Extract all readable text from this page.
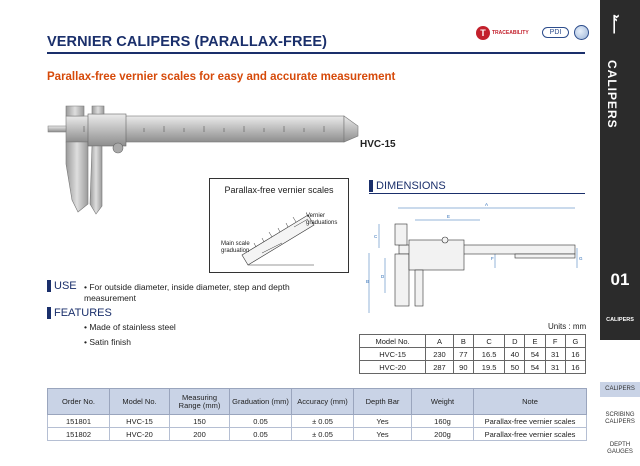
VERNIER CALIPERS (PARALLAX-FREE)
T	TRACEABILITY	PDI
Parallax-free vernier scales for easy and accurate measurement
HVC-15
Parallax-free vernier scales
Vernier graduations
Main scale graduation
DIMENSIONS
A
E
C
B
D
F	G
USE • For outside diameter, inside diameter, step and depth measurement
FEATURES
• Made of stainless steel
• Satin finish
Units : mm
Model No.	A	B	C	D	E	F	G
HVC-15	230	77	16.5	40	54	31	16
HVC-20	287	90	19.5	50	54	31	16
Order No.	Model No.	Measuring Range (mm)	Graduation (mm)	Accuracy (mm)	Depth Bar	Weight	Note
151801	HVC-15	150	0.05	± 0.05	Yes	160g	Parallax-free vernier scales
151802	HVC-20	200	0.05	± 0.05	Yes	200g	Parallax-free vernier scales
ᚪ
CALIPERS
01
CALIPERS
CALIPERS
SCRIBING CALIPERS
DEPTH GAUGES
